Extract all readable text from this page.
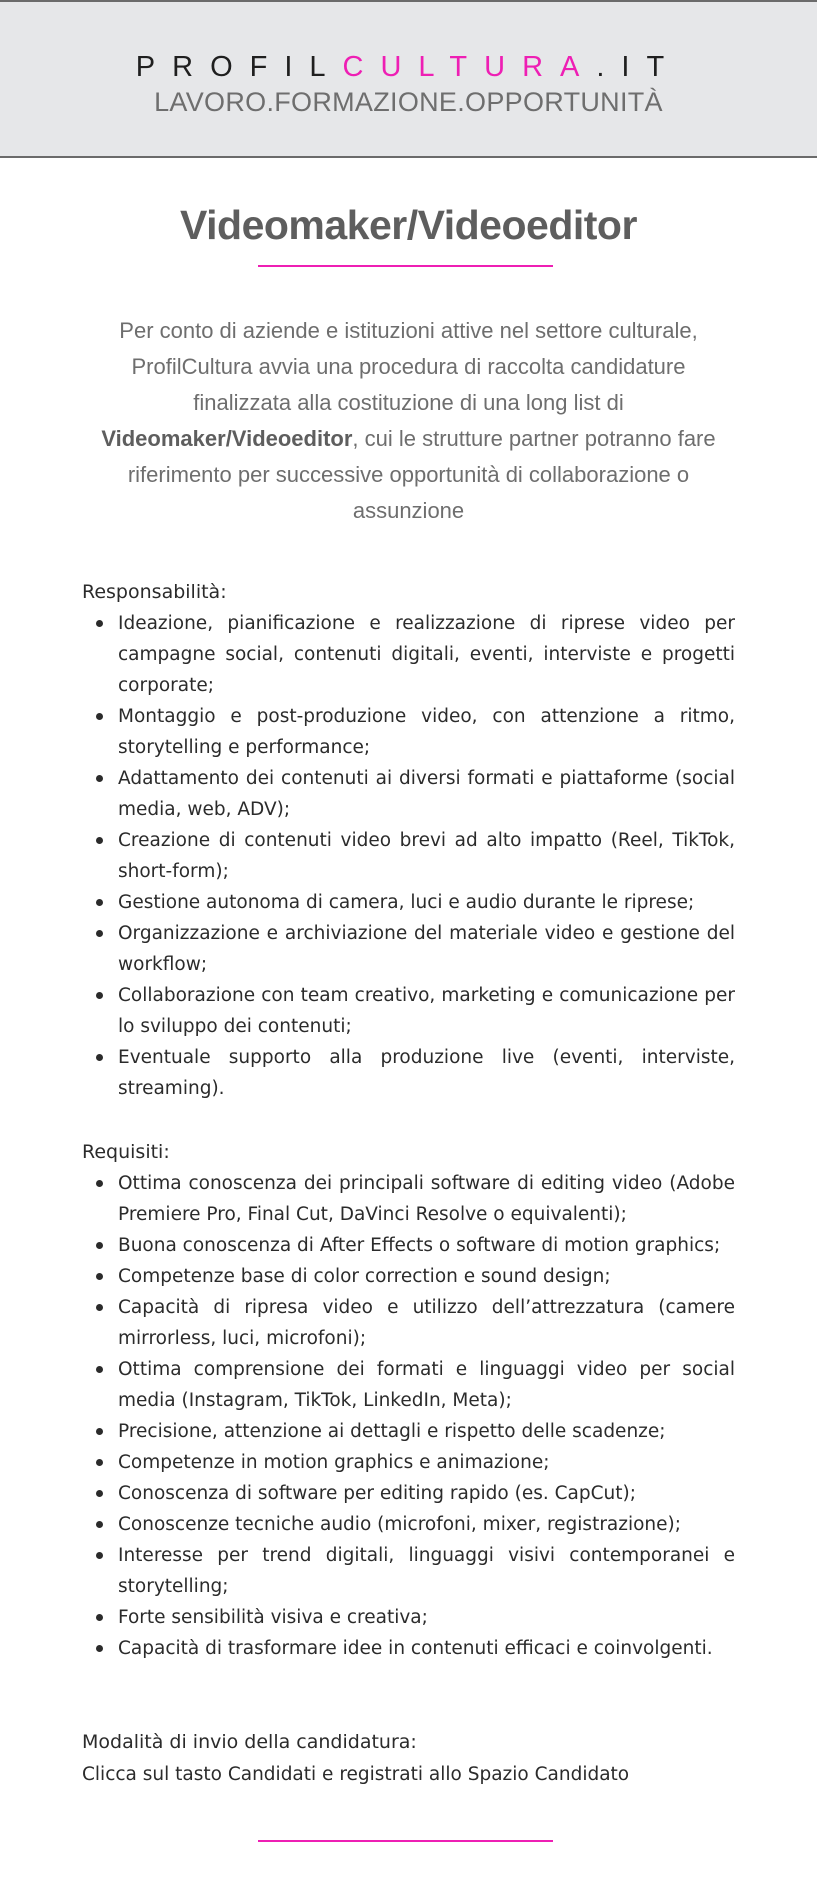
PROFILCULTURA.IT
LAVORO.FORMAZIONE.OPPORTUNITÀ
Videomaker/Videoeditor
Per conto di aziende e istituzioni attive nel settore culturale, ProfilCultura avvia una procedura di raccolta candidature finalizzata alla costituzione di una long list di Videomaker/Videoeditor, cui le strutture partner potranno fare riferimento per successive opportunità di collaborazione o assunzione

Responsabilità:

Ideazione, pianificazione e realizzazione di riprese video per campagne social, contenuti digitali, eventi, interviste e progetti corporate;
Montaggio e post-produzione video, con attenzione a ritmo, storytelling e performance;
Adattamento dei contenuti ai diversi formati e piattaforme (social media, web, ADV);
Creazione di contenuti video brevi ad alto impatto (Reel, TikTok, short-form);
Gestione autonoma di camera, luci e audio durante le riprese;
Organizzazione e archiviazione del materiale video e gestione del workflow;
Collaborazione con team creativo, marketing e comunicazione per lo sviluppo dei contenuti;
Eventuale supporto alla produzione live (eventi, interviste, streaming).

Requisiti:

Ottima conoscenza dei principali software di editing video (Adobe Premiere Pro, Final Cut, DaVinci Resolve o equivalenti);
Buona conoscenza di After Effects o software di motion graphics;
Competenze base di color correction e sound design;
Capacità di ripresa video e utilizzo dell’attrezzatura (camere mirrorless, luci, microfoni);
Ottima comprensione dei formati e linguaggi video per social media (Instagram, TikTok, LinkedIn, Meta);
Precisione, attenzione ai dettagli e rispetto delle scadenze;
Competenze in motion graphics e animazione;
Conoscenza di software per editing rapido (es. CapCut);
Conoscenze tecniche audio (microfoni, mixer, registrazione);
Interesse per trend digitali, linguaggi visivi contemporanei e storytelling;
Forte sensibilità visiva e creativa;
Capacità di trasformare idee in contenuti efficaci e coinvolgenti.

Modalità di invio della candidatura:

Clicca sul tasto Candidati e registrati allo Spazio Candidato
